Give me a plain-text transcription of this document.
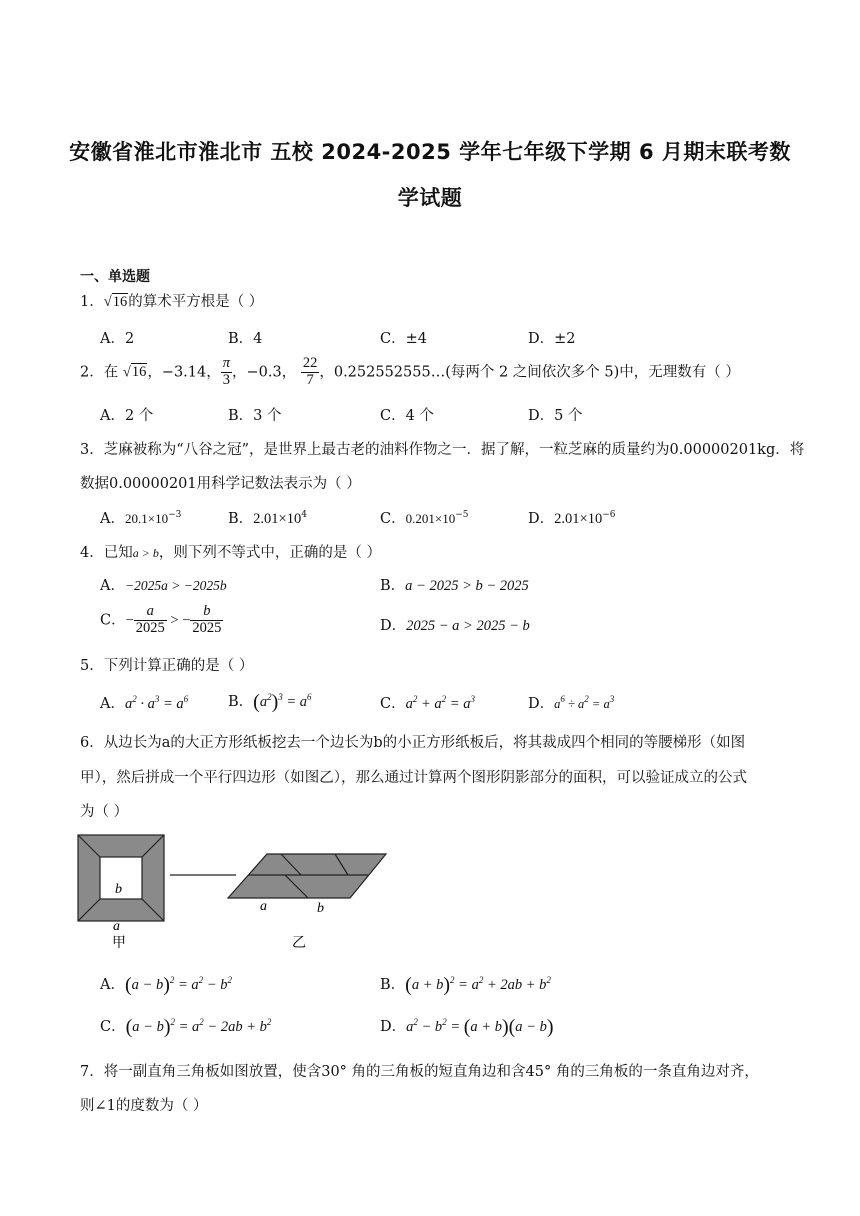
安徽省淮北市淮北市 五校 2024-2025 学年七年级下学期 6 月期末联考数
学试题
一、单选题
1．√16的算术平方根是（ ）
A．2	B．4	C．±4	D．±2
2．在 √16，−3.14， $\frac{\pi}{3}$ ，−0.3， $\frac{22}{7}$ ，0.252552555…(每两个 2 之间依次多个 5)中，无理数有（ ）
A．2 个	B．3 个	C．4 个	D．5 个
3．芝麻被称为“八谷之冠”，是世界上最古老的油料作物之一．据了解，一粒芝麻的质量约为0.00000201kg．将
数据0.00000201用科学记数法表示为（ ）
A．$20.1\times 10^{-3}$	B．$2.01\times 10^4$	C．$0.201\times 10^{-5}$	D．$2.01\times 10^{-6}$
4．已知a > b，则下列不等式中，正确的是（ ）
A．−2025a > −2025b	B．a − 2025 > b − 2025
C．− $\frac{a}{2025}$ > − $\frac{b}{2025}$	D．2025 − a > 2025 − b
5．下列计算正确的是（ ）
A．$a^2 \cdot a^3 = a^6$	B．$(a^2)^3 = a^6$	C．$a^2 + a^2 = a^3$	D．$a^6 \div a^2 = a^3$
6．从边长为a的大正方形纸板挖去一个边长为b的小正方形纸板后，将其裁成四个相同的等腰梯形（如图
甲），然后拼成一个平行四边形（如图乙），那么通过计算两个图形阴影部分的面积，可以验证成立的公式
为（ ）
b
a
甲
a	b
乙
A．$(a - b)^2 = a^2 - b^2$	B．$(a + b)^2 = a^2 + 2ab + b^2$
C．$(a - b)^2 = a^2 - 2ab + b^2$	D．$a^2 - b^2 = (a + b)(a - b)$
7．将一副直角三角板如图放置，使含30° 角的三角板的短直角边和含45° 角的三角板的一条直角边对齐，
则∠1的度数为（ ）
